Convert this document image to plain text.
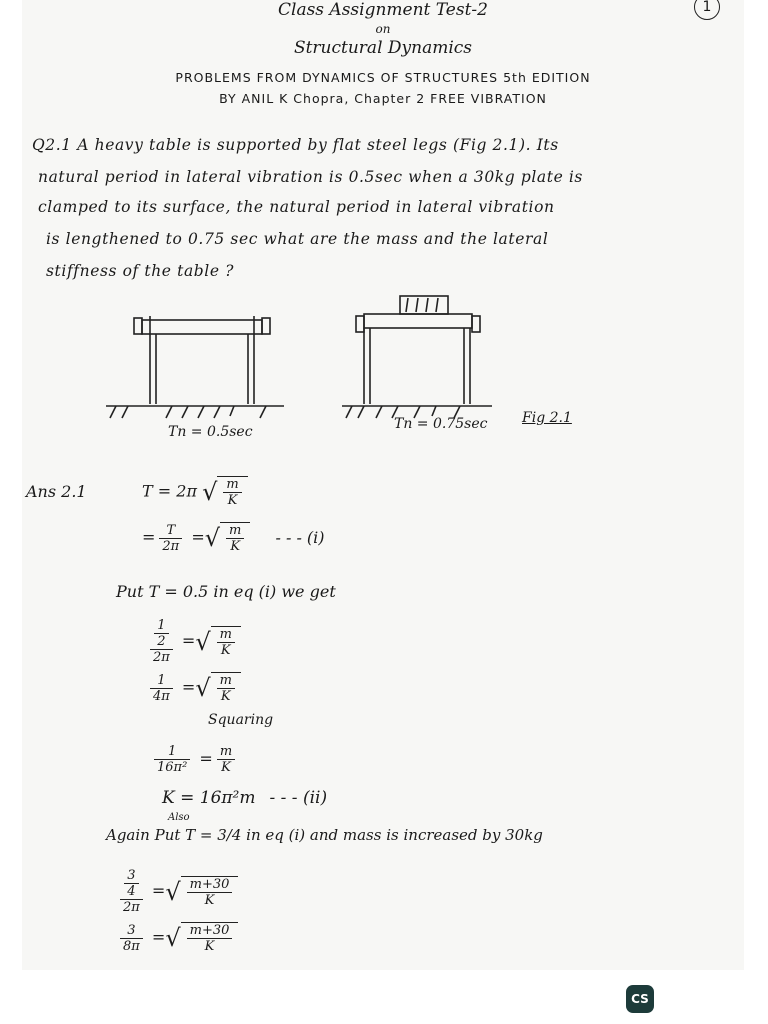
Class Assignment Test-2	1
on
Structural Dynamics
PROBLEMS FROM DYNAMICS OF STRUCTURES 5th EDITION
BY ANIL K Chopra, Chapter 2 FREE VIBRATION
Q2.1 A heavy table is supported by flat steel legs (Fig 2.1). Its
natural period in lateral vibration is 0.5sec when a 30kg plate is
clamped to its surface, the natural period in lateral vibration
is lengthened to 0.75 sec what are the mass and the lateral
stiffness of the table ?
Tn = 0.5sec	Tn = 0.75sec Fig 2.1
Ans 2.1	T = 2π √ $\frac{m}{K}$
= $\frac{T}{2\pi}$ =√ $\frac{m}{K}$ - - - (i)
Put T = 0.5 in eq (i) we get
$\frac{\frac{1}{2}}{2\pi}$ =√ $\frac{m}{K}$
$\frac{1}{4\pi}$ =√ $\frac{m}{K}$
Squaring
$\frac{1}{\text{16π²}} = \frac{m}{K}$
K = 16π²m - - - (ii)
Also
Again Put T = 3/4 in eq (i) and mass is increased by 30kg
$\frac{\frac{3}{4}}{2\pi}$ =√ $\frac{m+30}{K}$
$\frac{3}{8\pi}$ =√ $\frac{m+30}{K}$
CS
